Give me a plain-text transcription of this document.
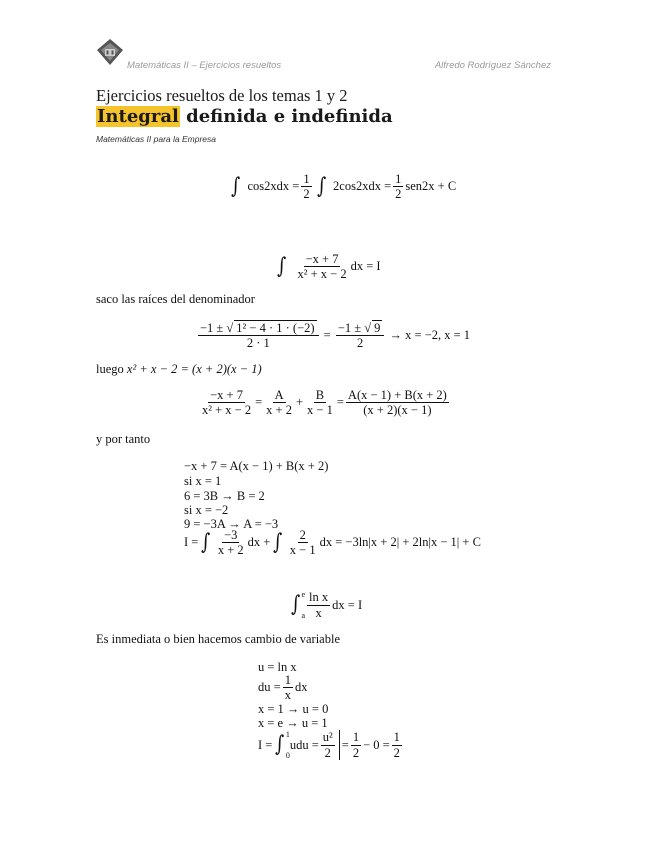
Matemáticas II – Ejercicios resueltos	Alfredo Rodríguez Sánchez
Ejercicios resueltos de los temas 1 y 2
Integral definida e indefinida
Matemáticas II para la Empresa
∫ $\cos 2xdx = \frac{1}{2}$ ∫ $2\cos 2xdx = \frac{1}{2} sen2x + C$
∫ $\frac{-x + 7}{\text{x² + x − 2}}$ dx = I
saco las raíces del denominador
$\frac{\text{−1 ± √ 1² − 4 · 1 · (−2)}}{2 \cdot 1} = \frac{-1 \pm √ 9}{2}$
→ x = −2, x = 1
luego x² + x − 2 = (x + 2)(x − 1)
$\frac{-x + 7}{\text{x² + x − 2}} = \frac{A}{x + 2} + \frac{B}{x - 1} = \frac{A(x - 1) + B(x + 2)}{(x + 2)(x - 1)}$
y por tanto
−x + 7 = A(x − 1) + B(x + 2)
si x = 1
6 = 3B → B = 2
si x = −2
9 = −3A → A = −3
I = ∫ $\frac{-3}{x + 2}$ dx + ∫ $\frac{2}{x - 1}$ dx = −3ln|x + 2| + 2ln|x − 1| + C
∫ e
a $\frac{\text{ln x}}{x}$ dx = I
Es inmediata o bien hacemos cambio de variable
u = ln x
du = $\frac{1}{x}$ dx
x = 1 → u = 0
x = e → u = 1
I = ∫ 1
0
udu = $\frac{\text{u²}}{2} = \frac{1}{2} - 0 = \frac{1}{2}$
